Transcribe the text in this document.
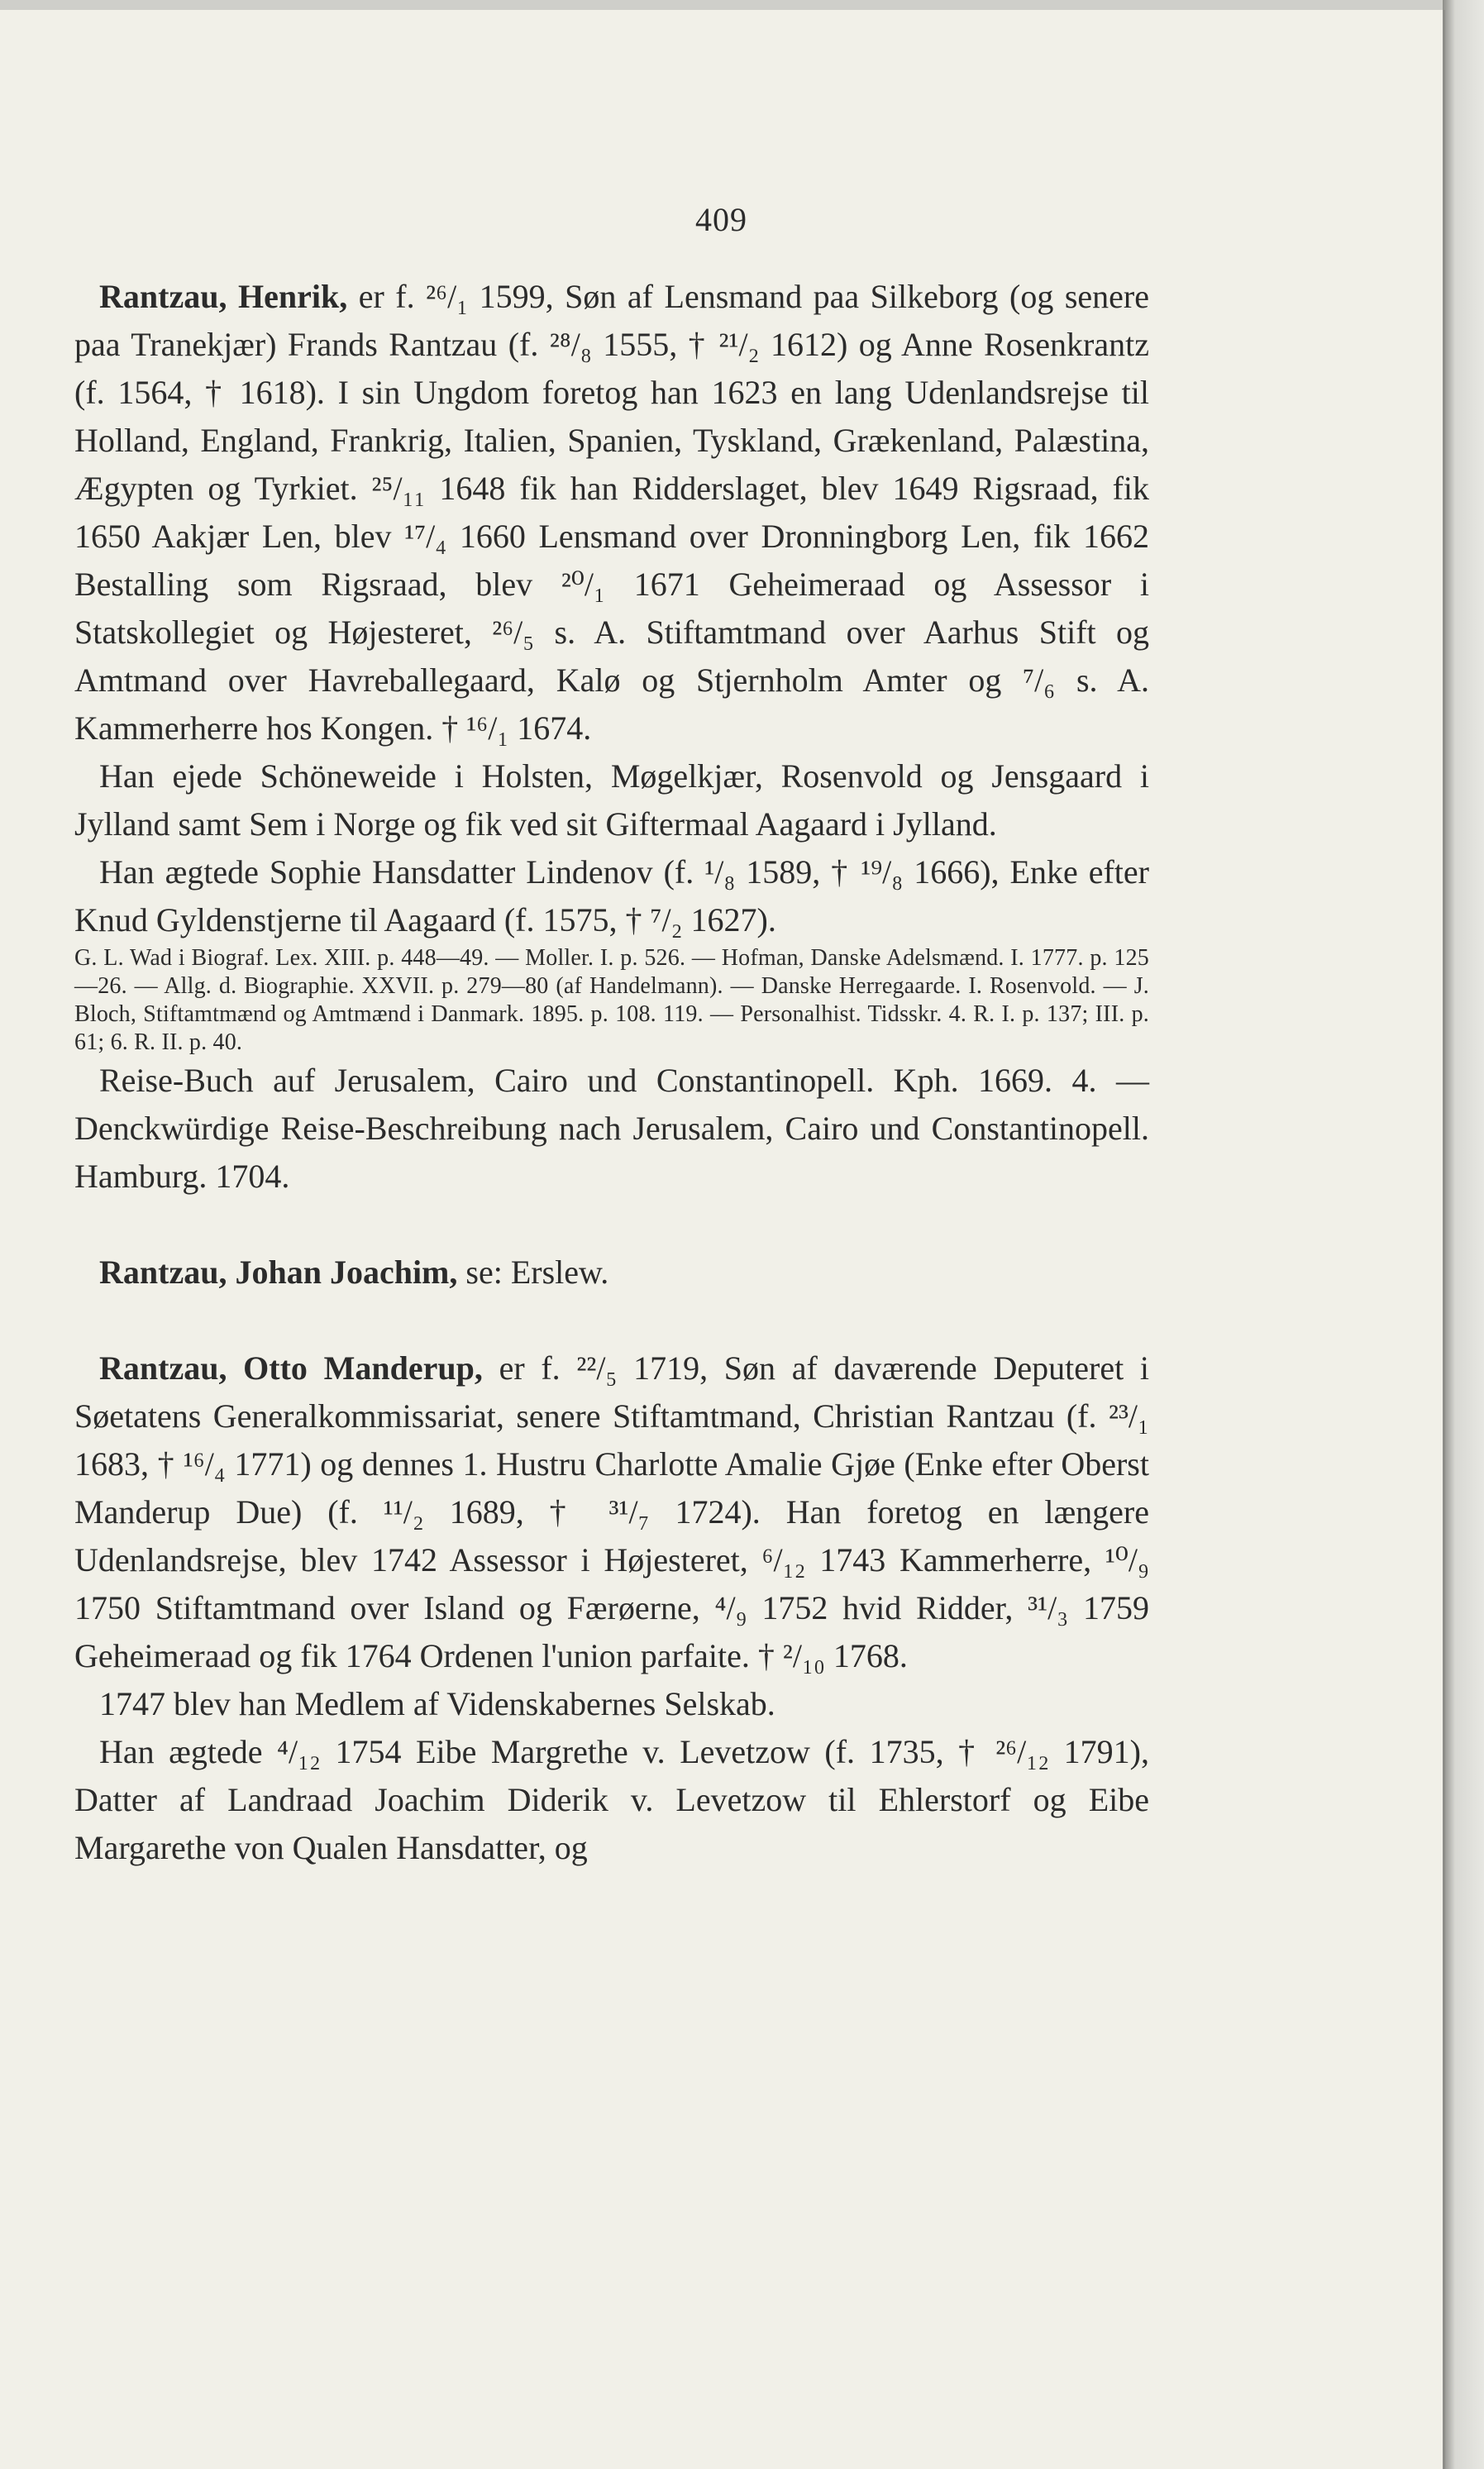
409

Rantzau, Henrik, er f. ²⁶/₁ 1599, Søn af Lensmand paa Silkeborg (og senere paa Tranekjær) Frands Rantzau (f. ²⁸/₈ 1555, † ²¹/₂ 1612) og Anne Rosenkrantz (f. 1564, † 1618). I sin Ungdom foretog han 1623 en lang Udenlandsrejse til Holland, England, Frankrig, Italien, Spanien, Tyskland, Grækenland, Palæstina, Ægypten og Tyrkiet. ²⁵/₁₁ 1648 fik han Ridderslaget, blev 1649 Rigsraad, fik 1650 Aakjær Len, blev ¹⁷/₄ 1660 Lensmand over Dronningborg Len, fik 1662 Bestalling som Rigsraad, blev ²⁰/₁ 1671 Geheimeraad og Assessor i Statskollegiet og Højesteret, ²⁶/₅ s. A. Stiftamtmand over Aarhus Stift og Amtmand over Havreballegaard, Kalø og Stjernholm Amter og ⁷/₆ s. A. Kammerherre hos Kongen. † ¹⁶/₁ 1674.

Han ejede Schöneweide i Holsten, Møgelkjær, Rosenvold og Jensgaard i Jylland samt Sem i Norge og fik ved sit Giftermaal Aagaard i Jylland.

Han ægtede Sophie Hansdatter Lindenov (f. ¹/₈ 1589, † ¹⁹/₈ 1666), Enke efter Knud Gyldenstjerne til Aagaard (f. 1575, † ⁷/₂ 1627).

G. L. Wad i Biograf. Lex. XIII. p. 448—49. — Moller. I. p. 526. — Hofman, Danske Adelsmænd. I. 1777. p. 125—26. — Allg. d. Biographie. XXVII. p. 279—80 (af Handelmann). — Danske Herregaarde. I. Rosenvold. — J. Bloch, Stiftamtmænd og Amtmænd i Danmark. 1895. p. 108. 119. — Personalhist. Tidsskr. 4. R. I. p. 137; III. p. 61; 6. R. II. p. 40.

Reise-Buch auf Jerusalem, Cairo und Constantinopell. Kph. 1669. 4. — Denckwürdige Reise-Beschreibung nach Jerusalem, Cairo und Constantinopell. Hamburg. 1704.

Rantzau, Johan Joachim, se: Erslew.

Rantzau, Otto Manderup, er f. ²²/₅ 1719, Søn af daværende Deputeret i Søetatens Generalkommissariat, senere Stiftamtmand, Christian Rantzau (f. ²³/₁ 1683, † ¹⁶/₄ 1771) og dennes 1. Hustru Charlotte Amalie Gjøe (Enke efter Oberst Manderup Due) (f. ¹¹/₂ 1689, † ³¹/₇ 1724). Han foretog en længere Udenlandsrejse, blev 1742 Assessor i Højesteret, ⁶/₁₂ 1743 Kammerherre, ¹⁰/₉ 1750 Stiftamtmand over Island og Færøerne, ⁴/₉ 1752 hvid Ridder, ³¹/₃ 1759 Geheimeraad og fik 1764 Ordenen l'union parfaite. † ²/₁₀ 1768.

1747 blev han Medlem af Videnskabernes Selskab.

Han ægtede ⁴/₁₂ 1754 Eibe Margrethe v. Levetzow (f. 1735, † ²⁶/₁₂ 1791), Datter af Landraad Joachim Diderik v. Levetzow til Ehlerstorf og Eibe Margarethe von Qualen Hansdatter, og
